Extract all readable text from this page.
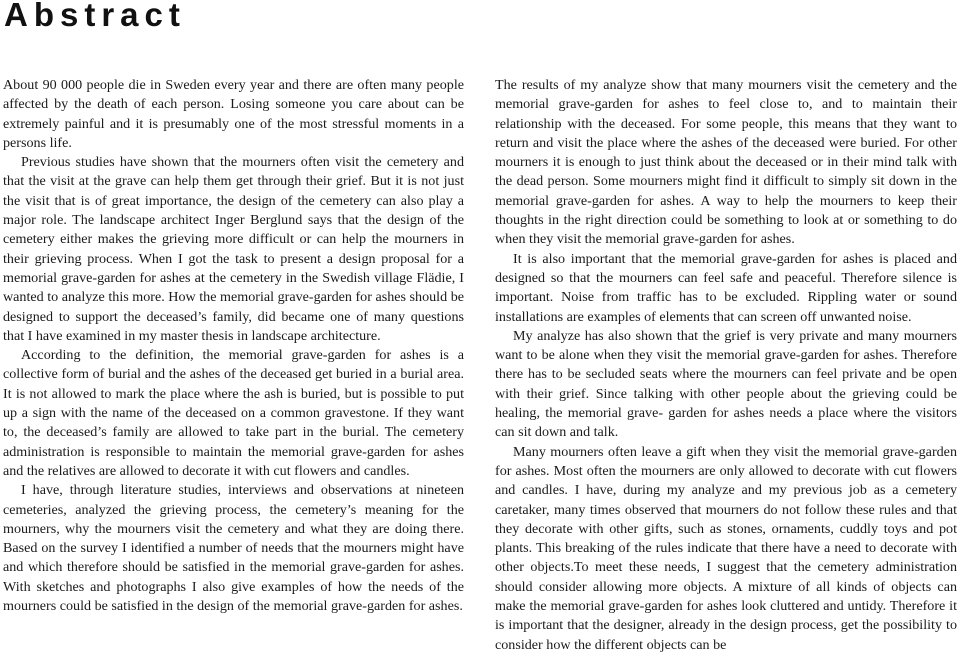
Abstract

About 90 000 people die in Sweden every year and there are often many people affected by the death of each person. Losing someone you care about can be extremely painful and it is presumably one of the most stressful moments in a persons life.

Previous studies have shown that the mourners often visit the cemetery and that the visit at the grave can help them get through their grief. But it is not just the visit that is of great importance, the design of the cemetery can also play a major role. The landscape architect Inger Berglund says that the design of the cemetery either makes the grieving more difficult or can help the mourners in their grieving process. When I got the task to present a design proposal for a memorial grave-garden for ashes at the cemetery in the Swedish village Flädie, I wanted to analyze this more. How the memorial grave-garden for ashes should be designed to support the deceased’s family, did became one of many questions that I have examined in my master thesis in landscape architecture.

According to the definition, the memorial grave-garden for ashes is a collective form of burial and the ashes of the deceased get buried in a burial area. It is not allowed to mark the place where the ash is buried, but is possible to put up a sign with the name of the deceased on a common gravestone. If they want to, the deceased’s family are allowed to take part in the burial. The cemetery administration is responsible to maintain the memorial grave-garden for ashes and the relatives are allowed to decorate it with cut flowers and candles.

I have, through literature studies, interviews and observations at nineteen cemeteries, analyzed the grieving process, the cemetery’s meaning for the mourners, why the mourners visit the cemetery and what they are doing there. Based on the survey I identified a number of needs that the mourners might have and which therefore should be satisfied in the memorial grave-garden for ashes. With sketches and photographs I also give examples of how the needs of the mourners could be satisfied in the design of the memorial grave-garden for ashes.

The results of my analyze show that many mourners visit the cemetery and the memorial grave-garden for ashes to feel close to, and to maintain their relationship with the deceased. For some people, this means that they want to return and visit the place where the ashes of the deceased were buried. For other mourners it is enough to just think about the deceased or in their mind talk with the dead person. Some mourners might find it difficult to simply sit down in the memorial grave-garden for ashes. A way to help the mourners to keep their thoughts in the right direction could be something to look at or something to do when they visit the memorial grave-garden for ashes.

It is also important that the memorial grave-garden for ashes is placed and designed so that the mourners can feel safe and peaceful. Therefore silence is important. Noise from traffic has to be excluded. Rippling water or sound installations are examples of elements that can screen off unwanted noise.

My analyze has also shown that the grief is very private and many mourners want to be alone when they visit the memorial grave-garden for ashes. Therefore there has to be secluded seats where the mourners can feel private and be open with their grief. Since talking with other people about the grieving could be healing, the memorial grave- garden for ashes needs a place where the visitors can sit down and talk.

Many mourners often leave a gift when they visit the memorial grave-garden for ashes. Most often the mourners are only allowed to decorate with cut flowers and candles. I have, during my analyze and my previous job as a cemetery caretaker, many times observed that mourners do not follow these rules and that they decorate with other gifts, such as stones, ornaments, cuddly toys and pot plants. This breaking of the rules indicate that there have a need to decorate with other objects.To meet these needs, I suggest that the cemetery administration should consider allowing more objects. A mixture of all kinds of objects can make the memorial grave-garden for ashes look cluttered and untidy. Therefore it is important that the designer, already in the design process, get the possibility to consider how the different objects can be
